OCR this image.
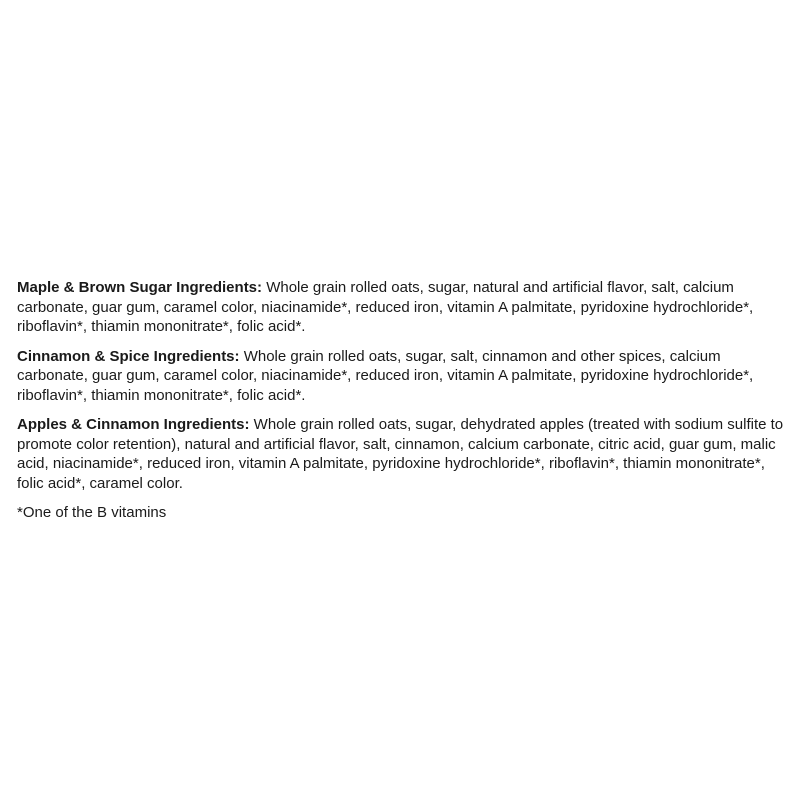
Maple & Brown Sugar Ingredients: Whole grain rolled oats, sugar, natural and artificial flavor, salt, calcium carbonate, guar gum, caramel color, niacinamide*, reduced iron, vitamin A palmitate, pyridoxine hydrochloride*, riboflavin*, thiamin mononitrate*, folic acid*.

Cinnamon & Spice Ingredients: Whole grain rolled oats, sugar, salt, cinnamon and other spices, calcium carbonate, guar gum, caramel color, niacinamide*, reduced iron, vitamin A palmitate, pyridoxine hydrochloride*, riboflavin*, thiamin mononitrate*, folic acid*.

Apples & Cinnamon Ingredients: Whole grain rolled oats, sugar, dehydrated apples (treated with sodium sulfite to promote color retention), natural and artificial flavor, salt, cinnamon, calcium carbonate, citric acid, guar gum, malic acid, niacinamide*, reduced iron, vitamin A palmitate, pyridoxine hydrochloride*, riboflavin*, thiamin mononitrate*, folic acid*, caramel color.

*One of the B vitamins
